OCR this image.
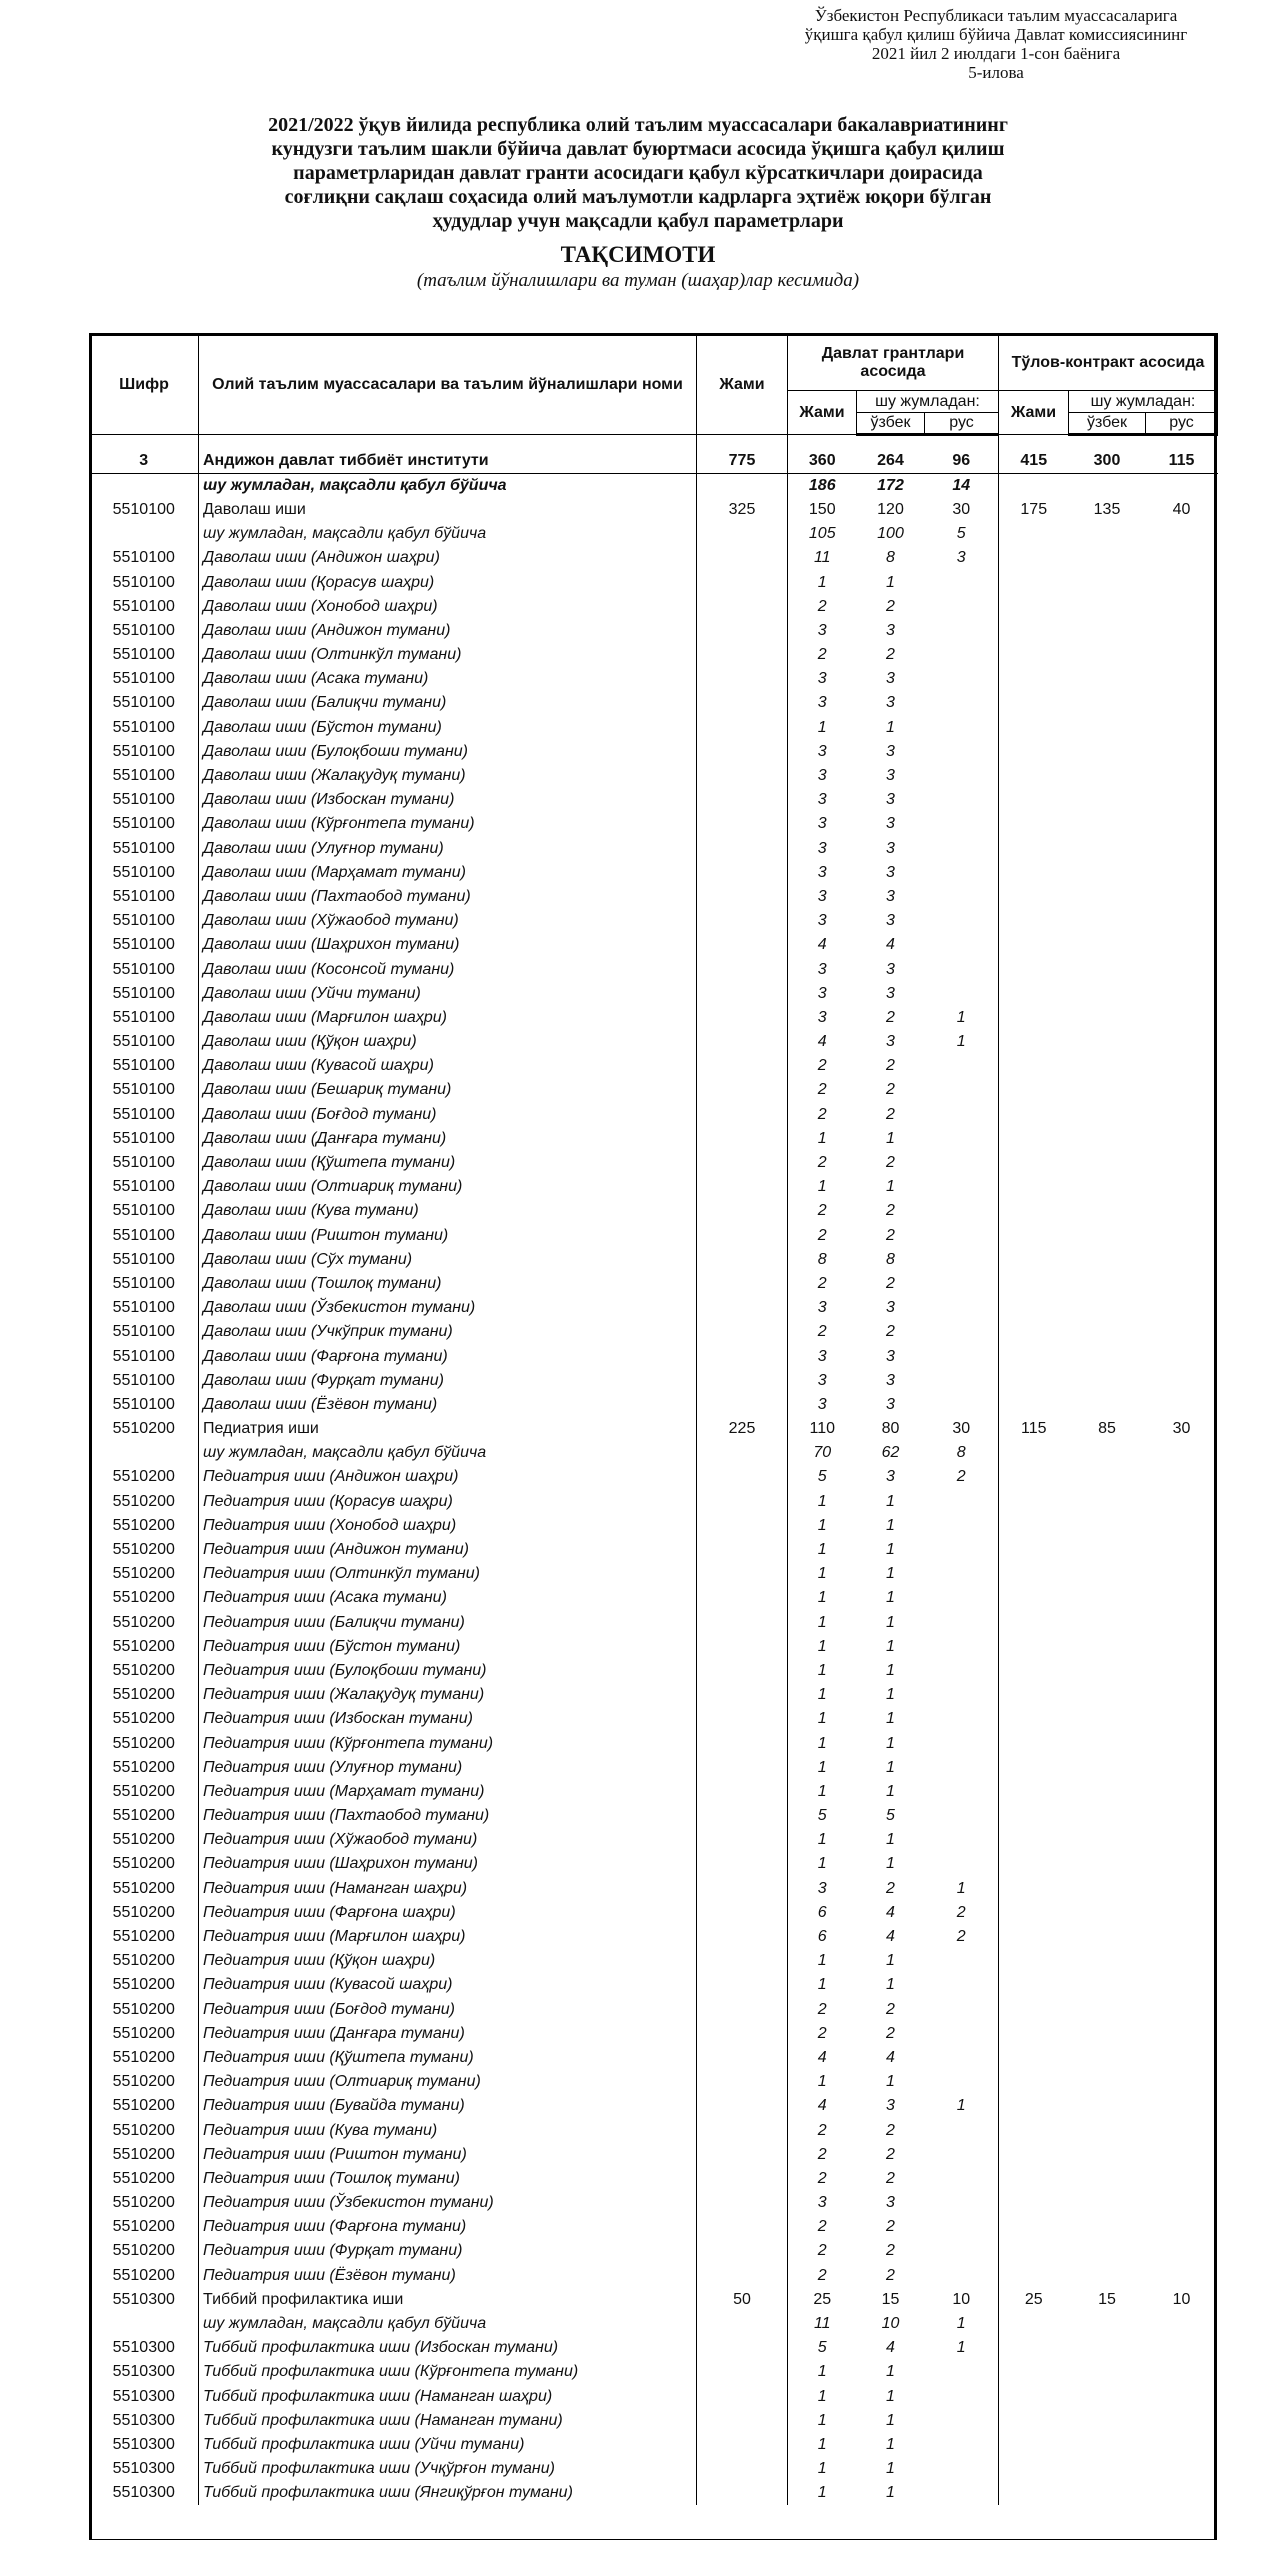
Ўзбекистон Республикаси таълим муассасаларига
ўқишга қабул қилиш бўйича Давлат комиссиясининг
2021 йил 2 июлдаги 1-сон баёнига
5-илова
2021/2022 ўқув йилида республика олий таълим муассасалари бакалавриатининг
кундузги таълим шакли бўйича давлат буюртмаси асосида ўқишга қабул қилиш
параметрларидан давлат гранти асосидаги қабул кўрсаткичлари доирасида
соғлиқни сақлаш соҳасида олий маълумотли кадрларга эҳтиёж юқори бўлган
ҳудудлар учун мақсадли қабул параметрлари
ТАҚСИМОТИ
(таълим йўналишлари ва туман (шаҳар)лар кесимида)
Шифр	Олий таълим муассасалари ва таълим йўналишлари номи	Жами	Давлат грантлари асосида			Тўлов-контракт асосида		
			Жами	шу жумладан:		Жами	шу жумладан:	
				ўзбек	рус		ўзбек	рус

3	Андижон давлат тиббиёт институти	775	360	264	96	415	300	115
	шу жумладан, мақсадли қабул бўйича		186	172	14			
5510100	Даволаш иши	325	150	120	30	175	135	40
	шу жумладан, мақсадли қабул бўйича		105	100	5			
5510100	Даволаш иши (Андижон шаҳри)		11	8	3			
5510100	Даволаш иши (Қорасув шаҳри)		1	1				
5510100	Даволаш иши (Хонобод шаҳри)		2	2				
5510100	Даволаш иши (Андижон тумани)		3	3				
5510100	Даволаш иши (Олтинкўл тумани)		2	2				
5510100	Даволаш иши (Асака тумани)		3	3				
5510100	Даволаш иши (Балиқчи тумани)		3	3				
5510100	Даволаш иши (Бўстон тумани)		1	1				
5510100	Даволаш иши (Булоқбоши тумани)		3	3				
5510100	Даволаш иши (Жалақудуқ тумани)		3	3				
5510100	Даволаш иши (Избоскан тумани)		3	3				
5510100	Даволаш иши (Кўрғонтепа тумани)		3	3				
5510100	Даволаш иши (Улуғнор тумани)		3	3				
5510100	Даволаш иши (Марҳамат тумани)		3	3				
5510100	Даволаш иши (Пахтаобод тумани)		3	3				
5510100	Даволаш иши (Хўжаобод тумани)		3	3				
5510100	Даволаш иши (Шаҳрихон тумани)		4	4				
5510100	Даволаш иши (Косонсой тумани)		3	3				
5510100	Даволаш иши (Уйчи тумани)		3	3				
5510100	Даволаш иши (Марғилон шаҳри)		3	2	1			
5510100	Даволаш иши (Қўқон шаҳри)		4	3	1			
5510100	Даволаш иши (Кувасой шаҳри)		2	2				
5510100	Даволаш иши (Бешариқ тумани)		2	2				
5510100	Даволаш иши (Боғдод тумани)		2	2				
5510100	Даволаш иши (Данғара тумани)		1	1				
5510100	Даволаш иши (Қўштепа тумани)		2	2				
5510100	Даволаш иши (Олтиариқ тумани)		1	1				
5510100	Даволаш иши (Кува тумани)		2	2				
5510100	Даволаш иши (Риштон тумани)		2	2				
5510100	Даволаш иши (Сўх тумани)		8	8				
5510100	Даволаш иши (Тошлоқ тумани)		2	2				
5510100	Даволаш иши (Ўзбекистон тумани)		3	3				
5510100	Даволаш иши (Учкўприк тумани)		2	2				
5510100	Даволаш иши (Фарғона тумани)		3	3				
5510100	Даволаш иши (Фурқат тумани)		3	3				
5510100	Даволаш иши (Ёзёвон тумани)		3	3				
5510200	Педиатрия иши	225	110	80	30	115	85	30
	шу жумладан, мақсадли қабул бўйича		70	62	8			
5510200	Педиатрия иши (Андижон шаҳри)		5	3	2			
5510200	Педиатрия иши (Қорасув шаҳри)		1	1				
5510200	Педиатрия иши (Хонобод шаҳри)		1	1				
5510200	Педиатрия иши (Андижон тумани)		1	1				
5510200	Педиатрия иши (Олтинкўл тумани)		1	1				
5510200	Педиатрия иши (Асака тумани)		1	1				
5510200	Педиатрия иши (Балиқчи тумани)		1	1				
5510200	Педиатрия иши (Бўстон тумани)		1	1				
5510200	Педиатрия иши (Булоқбоши тумани)		1	1				
5510200	Педиатрия иши (Жалақудуқ тумани)		1	1				
5510200	Педиатрия иши (Избоскан тумани)		1	1				
5510200	Педиатрия иши (Кўрғонтепа тумани)		1	1				
5510200	Педиатрия иши (Улуғнор тумани)		1	1				
5510200	Педиатрия иши (Марҳамат тумани)		1	1				
5510200	Педиатрия иши (Пахтаобод тумани)		5	5				
5510200	Педиатрия иши (Хўжаобод тумани)		1	1				
5510200	Педиатрия иши (Шаҳрихон тумани)		1	1				
5510200	Педиатрия иши (Наманган шаҳри)		3	2	1			
5510200	Педиатрия иши (Фарғона шаҳри)		6	4	2			
5510200	Педиатрия иши (Марғилон шаҳри)		6	4	2			
5510200	Педиатрия иши (Қўқон шаҳри)		1	1				
5510200	Педиатрия иши (Кувасой шаҳри)		1	1				
5510200	Педиатрия иши (Боғдод тумани)		2	2				
5510200	Педиатрия иши (Данғара тумани)		2	2				
5510200	Педиатрия иши (Қўштепа тумани)		4	4				
5510200	Педиатрия иши (Олтиариқ тумани)		1	1				
5510200	Педиатрия иши (Бувайда тумани)		4	3	1			
5510200	Педиатрия иши (Кува тумани)		2	2				
5510200	Педиатрия иши (Риштон тумани)		2	2				
5510200	Педиатрия иши (Тошлоқ тумани)		2	2				
5510200	Педиатрия иши (Ўзбекистон тумани)		3	3				
5510200	Педиатрия иши (Фарғона тумани)		2	2				
5510200	Педиатрия иши (Фурқат тумани)		2	2				
5510200	Педиатрия иши (Ёзёвон тумани)		2	2				
5510300	Тиббий профилактика иши	50	25	15	10	25	15	10
	шу жумладан, мақсадли қабул бўйича		11	10	1			
5510300	Тиббий профилактика иши (Избоскан тумани)		5	4	1			
5510300	Тиббий профилактика иши (Кўрғонтепа тумани)		1	1				
5510300	Тиббий профилактика иши (Наманган шаҳри)		1	1				
5510300	Тиббий профилактика иши (Наманган тумани)		1	1				
5510300	Тиббий профилактика иши (Уйчи тумани)		1	1				
5510300	Тиббий профилактика иши (Учқўрғон тумани)		1	1				
5510300	Тиббий профилактика иши (Янгиқўрғон тумани)		1	1				
